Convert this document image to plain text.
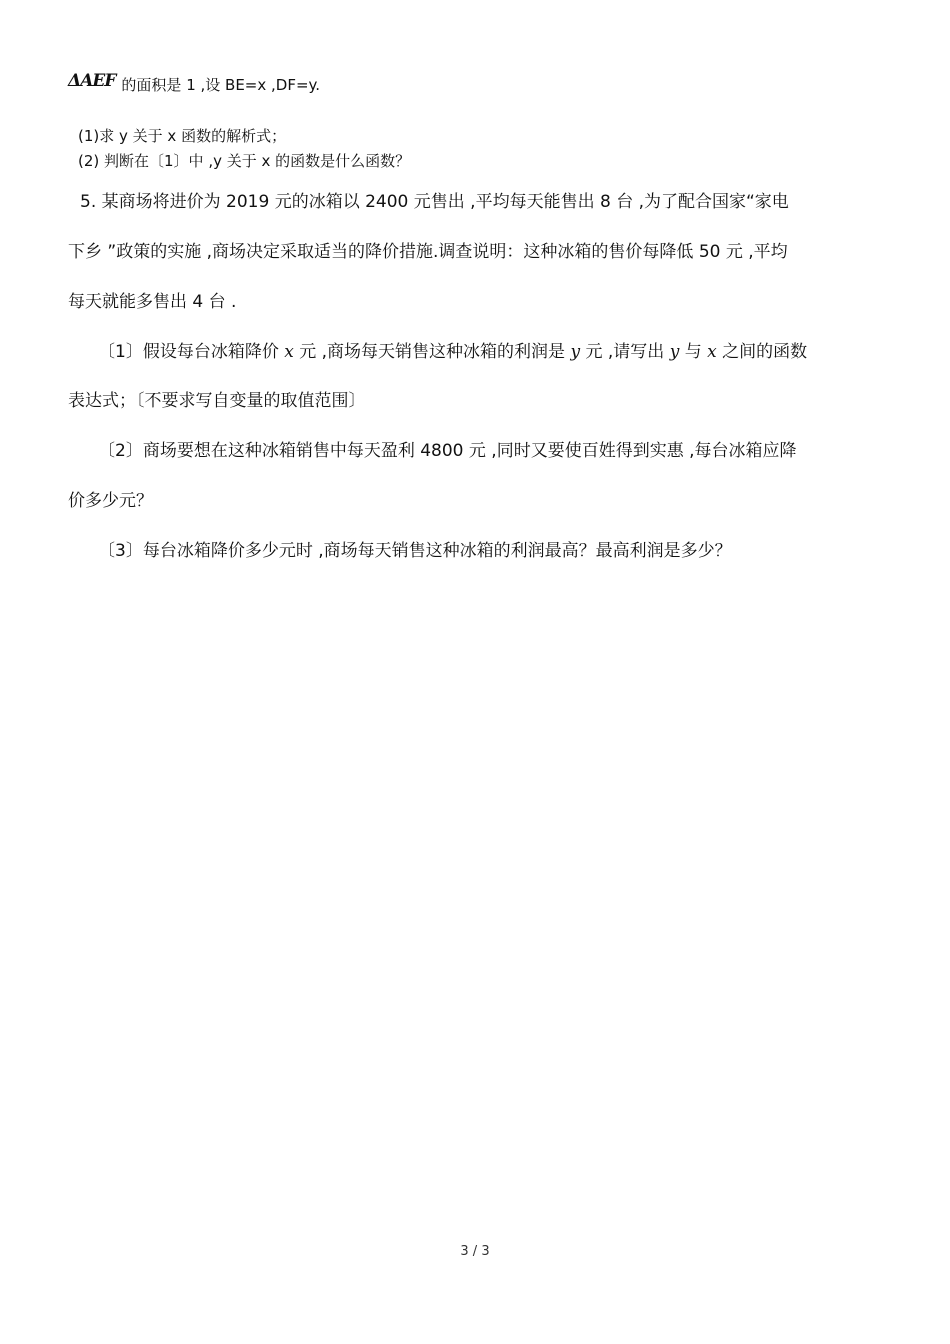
ΔAEF 的面积是 1 ,设 BE=x ,DF=y.
(1)求 y 关于 x 函数的解析式；
(2) 判断在〔1〕中 ,y 关于 x 的函数是什么函数？
5. 某商场将进价为 2019 元的冰箱以 2400 元售出 ,平均每天能售出 8 台 ,为了配合国家“家电
下乡 ”政策的实施 ,商场决定采取适当的降价措施.调查说明：这种冰箱的售价每降低 50 元 ,平均
每天就能多售出 4 台 .
〔1〕假设每台冰箱降价 x 元 ,商场每天销售这种冰箱的利润是 y 元 ,请写出 y 与 x 之间的函数
表达式；〔不要求写自变量的取值范围〕
〔2〕商场要想在这种冰箱销售中每天盈利 4800 元 ,同时又要使百姓得到实惠 ,每台冰箱应降
价多少元？
〔3〕每台冰箱降价多少元时 ,商场每天销售这种冰箱的利润最高？最高利润是多少？
3 / 3
